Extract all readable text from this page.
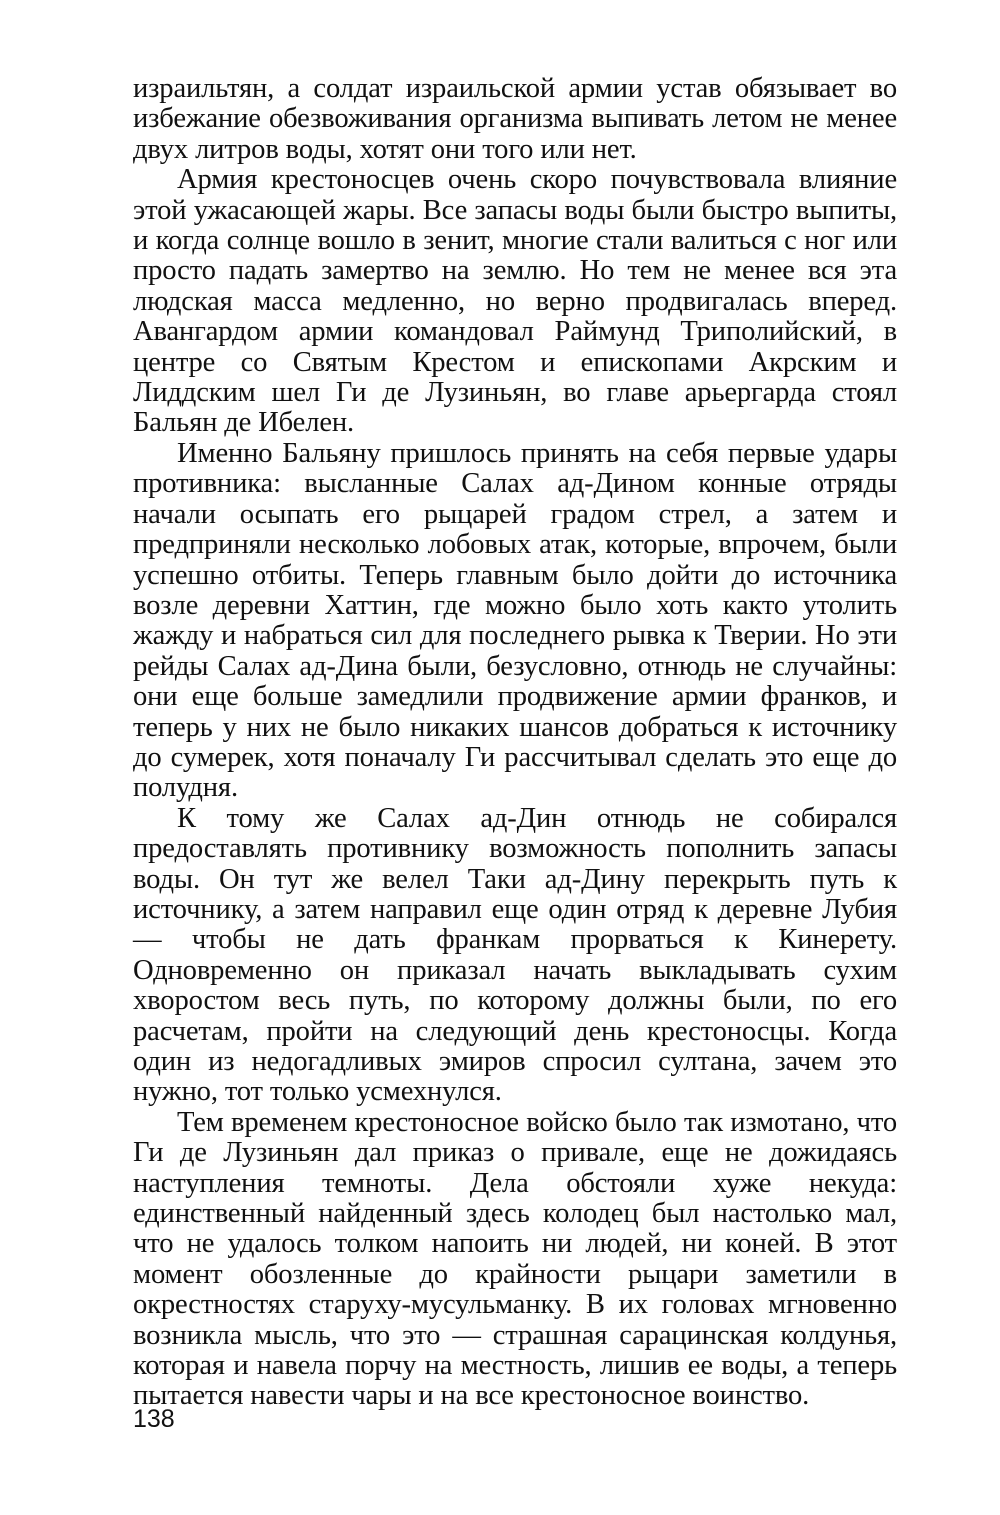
израильтян, а солдат израильской армии устав обязывает во избежание обезвоживания организма выпивать летом не менее двух литров воды, хотят они того или нет.

Армия крестоносцев очень скоро почувствовала влияние этой ужасающей жары. Все запасы воды были быстро выпиты, и когда солнце вошло в зенит, многие стали валиться с ног или просто падать замертво на землю. Но тем не менее вся эта людская масса медленно, но верно продвигалась вперед. Авангардом армии командовал Раймунд Триполийский, в центре со Святым Крестом и епископами Акрским и Лиддским шел Ги де Лузиньян, во главе арьергарда стоял Бальян де Ибелен.

Именно Бальяну пришлось принять на себя первые удары противника: высланные Салах ад-Дином конные отряды начали осыпать его рыцарей градом стрел, а затем и предприняли несколько лобовых атак, которые, впрочем, были успешно отбиты. Теперь главным было дойти до источника возле деревни Хаттин, где можно было хоть както утолить жажду и набраться сил для последнего рывка к Тверии. Но эти рейды Салах ад-Дина были, безусловно, отнюдь не случайны: они еще больше замедлили продвижение армии франков, и теперь у них не было никаких шансов добраться к источнику до сумерек, хотя поначалу Ги рассчитывал сделать это еще до полудня.

К тому же Салах ад-Дин отнюдь не собирался предоставлять противнику возможность пополнить запасы воды. Он тут же велел Таки ад-Дину перекрыть путь к источнику, а затем направил еще один отряд к деревне Лубия — чтобы не дать франкам прорваться к Кинерету. Одновременно он приказал начать выкладывать сухим хворостом весь путь, по которому должны были, по его расчетам, пройти на следующий день крестоносцы. Когда один из недогадливых эмиров спросил султана, зачем это нужно, тот только усмехнулся.

Тем временем крестоносное войско было так измотано, что Ги де Лузиньян дал приказ о привале, еще не дожидаясь наступления темноты. Дела обстояли хуже некуда: единственный найденный здесь колодец был настолько мал, что не удалось толком напоить ни людей, ни коней. В этот момент обозленные до крайности рыцари заметили в окрестностях старуху-мусульманку. В их головах мгновенно возникла мысль, что это — страшная сарацинская колдунья, которая и навела порчу на местность, лишив ее воды, а теперь пытается навести чары и на все крестоносное воинство.

138
